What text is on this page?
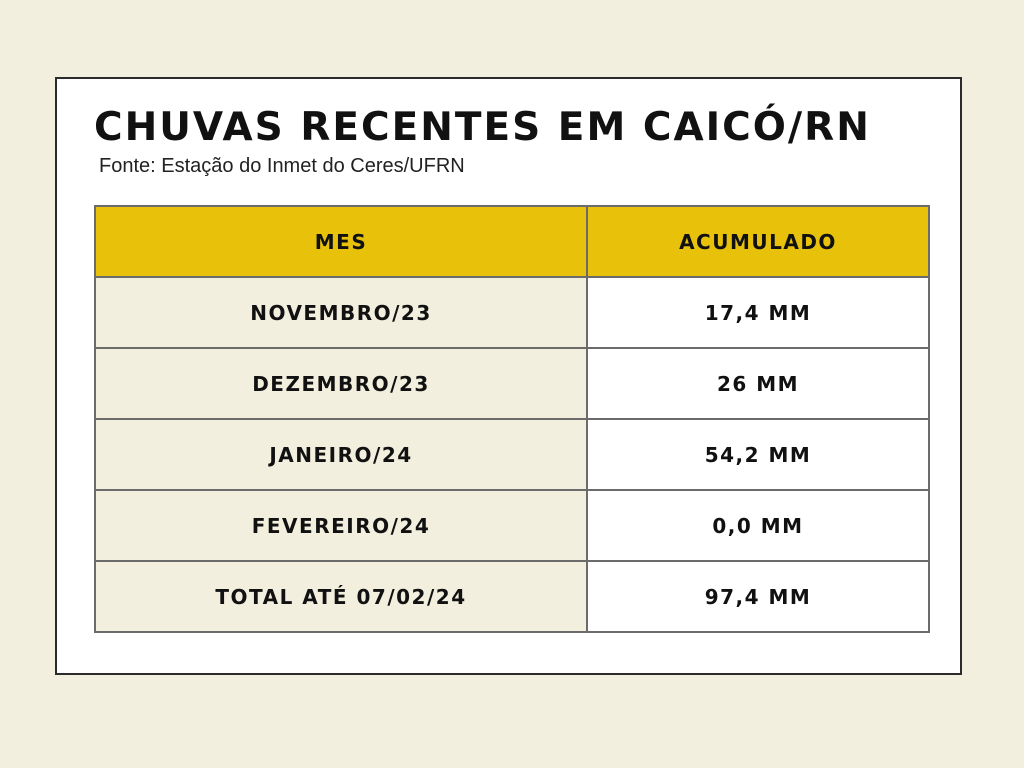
CHUVAS RECENTES EM CAICÓ/RN

Fonte: Estação do Inmet do Ceres/UFRN

MES	ACUMULADO
NOVEMBRO/23	17,4 MM
DEZEMBRO/23	26 MM
JANEIRO/24	54,2 MM
FEVEREIRO/24	0,0 MM
TOTAL ATÉ 07/02/24	97,4 MM
